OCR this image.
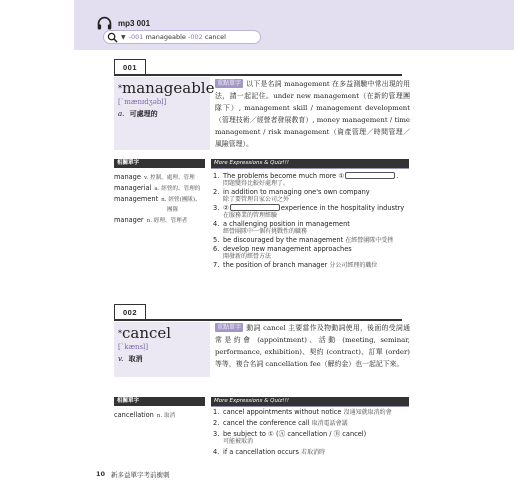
mp3 001
▼ -001 manageable -002 cancel
001
*manageable
[ˋmænɪdʒəbḷ]
a. 可處理的
重點單字 以下是名詞 management 在多益測驗中常出現的用法，請一起記住。under new management（在新的管理團隊下）, management skill / management development（管理技術／經營者發展教育）, money management / time management / risk management（資產管理／時間管理／風險管理）。
相關單字	More Expressions & Quiz!!!
manage v. 控制、處理、管理
managerial a. 經營的、管理的
management n. 經營(團隊)、
團隊
manager n. 經理、管理者
1. The problems become much more ①	.
問題變得比較好處理了。
2. in addition to managing one's own company
除了要管理自家公司之外
3. ②	experience in the hospitality industry
在服務業的管理經驗
4. a challenging position in management
經營團隊中一個有挑戰性的職務
5. be discouraged by the management 在經營團隊中受挫
6. develop new management approaches
開發新的經營方法
7. the position of branch manager 分公司經理的職位
002
*cancel
[ˋkænsḷ]
v. 取消
重點單字 動詞 cancel 主要當作及物動詞使用，後面的受詞通常是約會 (appointment)、活動 (meeting, seminar, performance, exhibition)、契約 (contract)、訂單 (order) 等等，複合名詞 cancellation fee（解約金）也一起記下來。
相關單字	More Expressions & Quiz!!!
cancellation n. 取消	1. cancel appointments without notice 沒通知就取消約會
2. cancel the conference call 取消電話會議
3. be subject to ① (Ⓐ cancellation / Ⓑ cancel)
可能被取消
4. if a cancellation occurs 若取消時
10 新多益單字考前衝刺
